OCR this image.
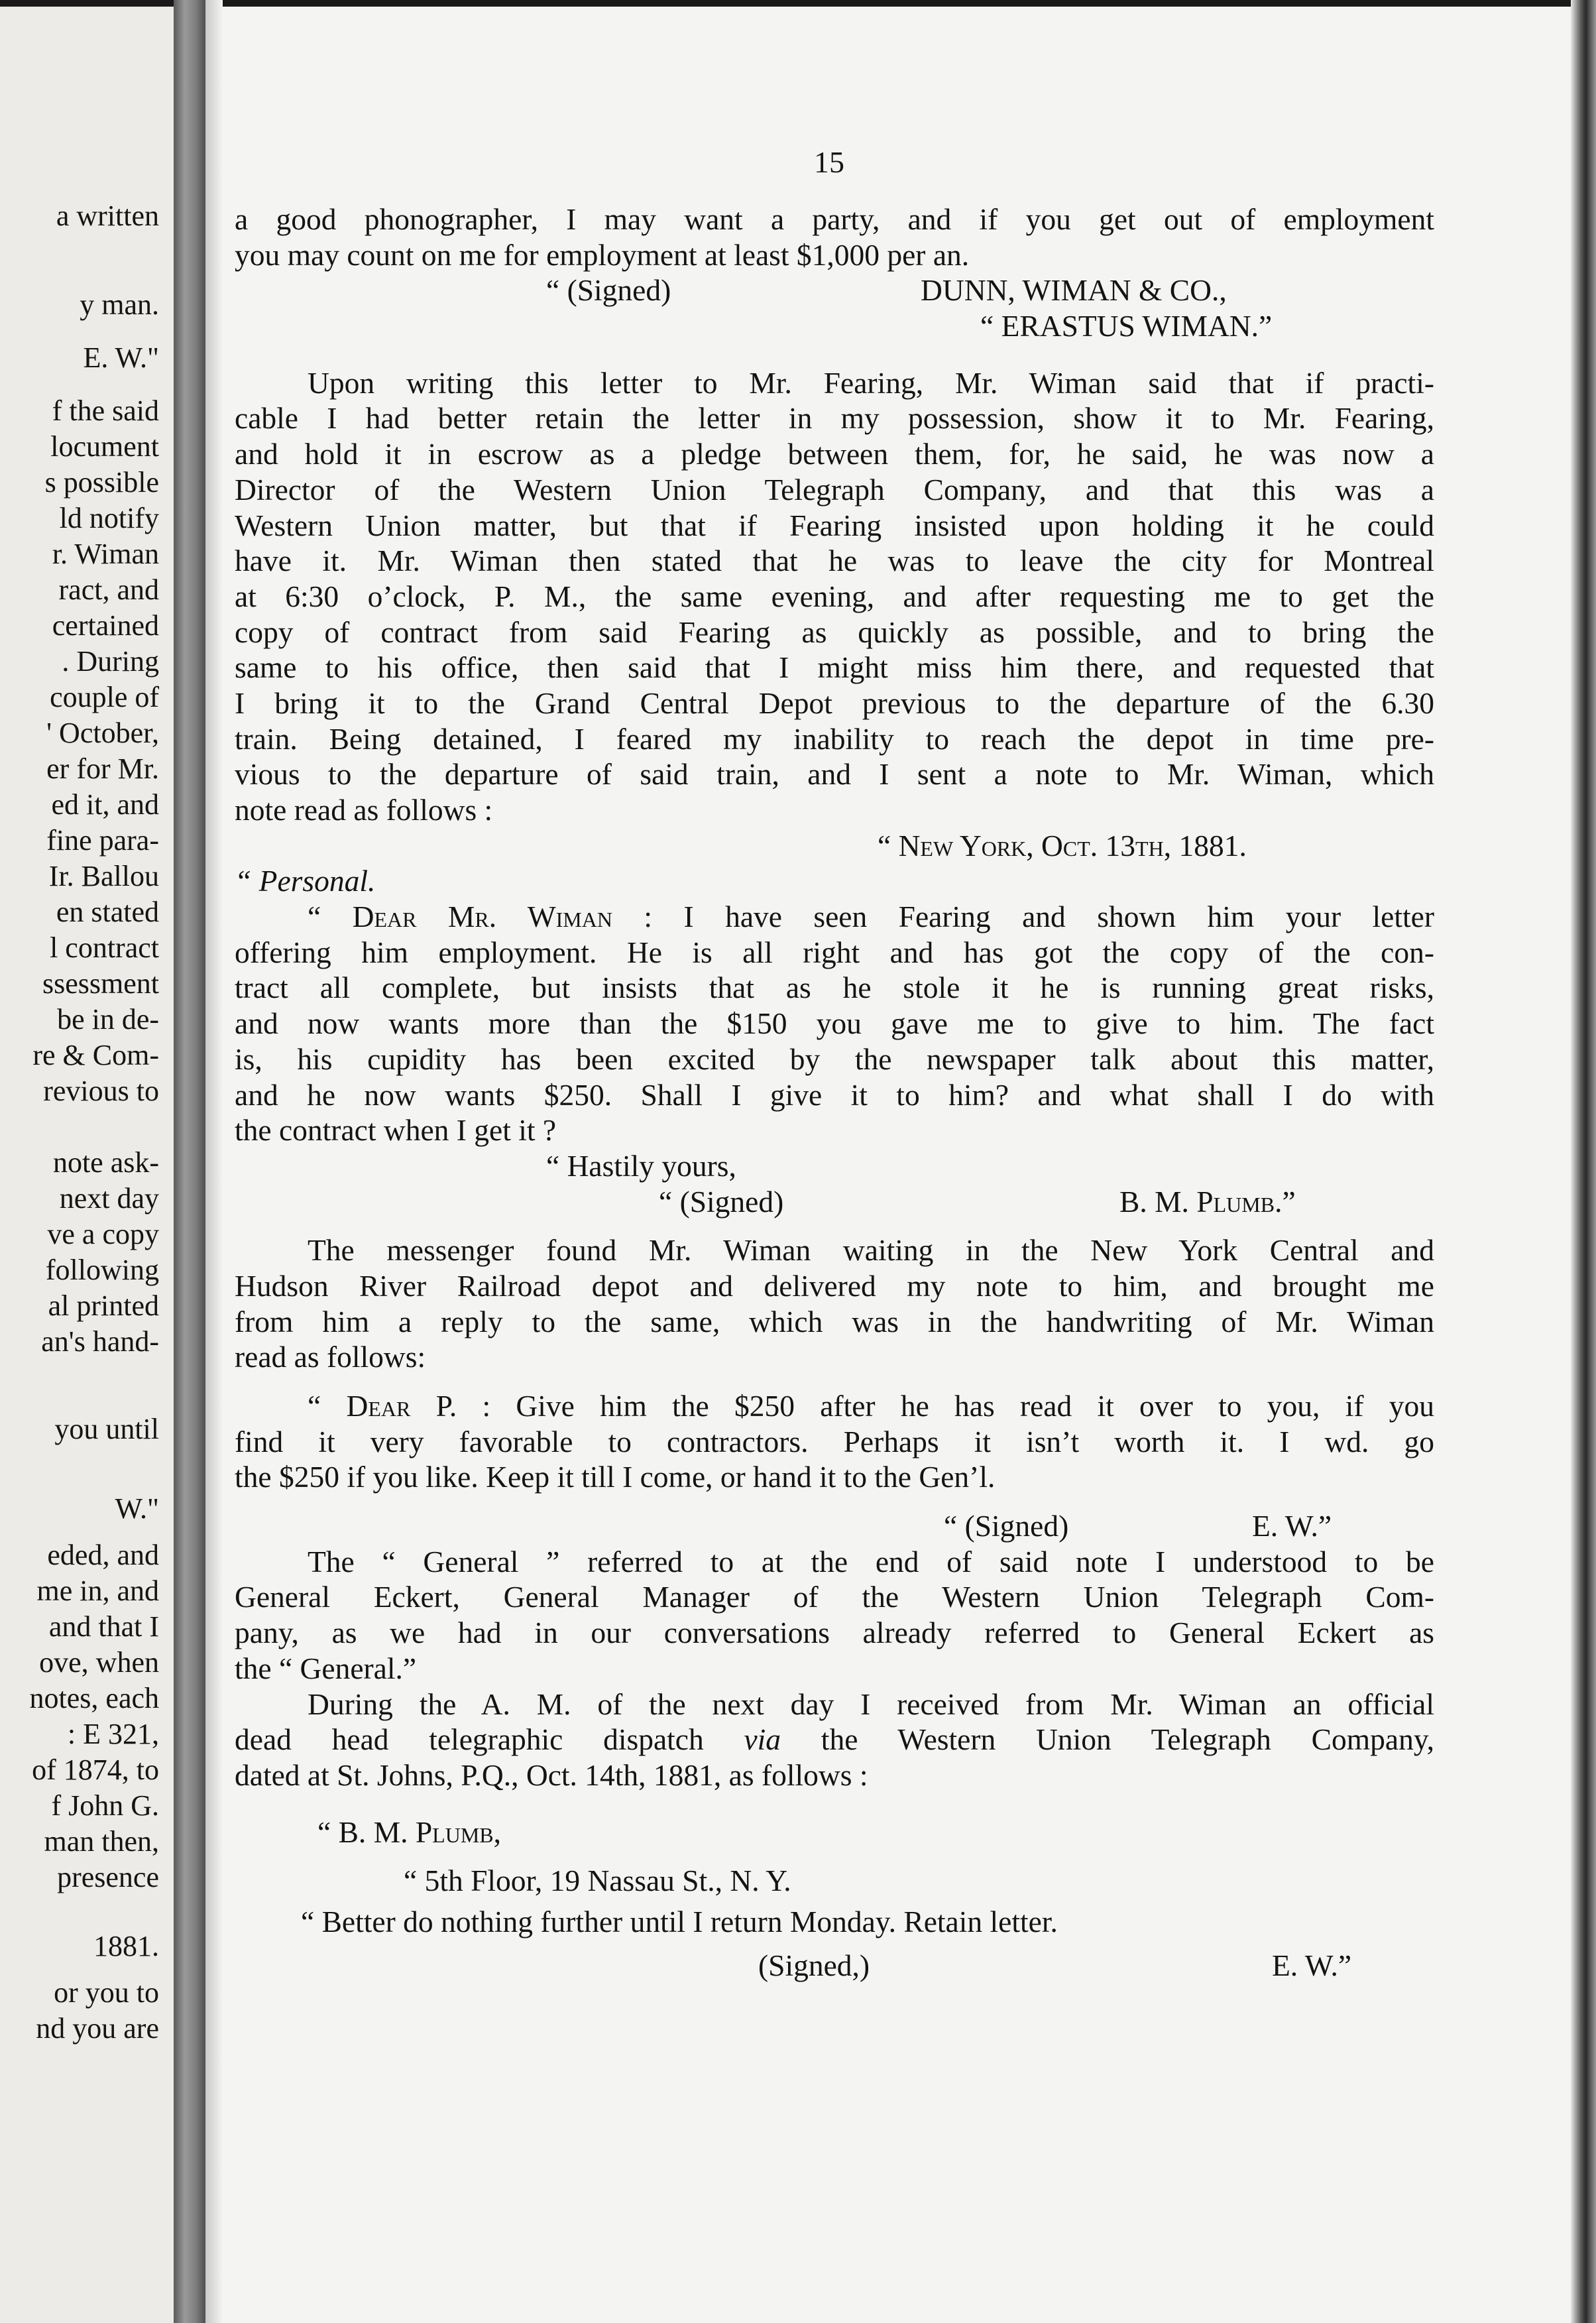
a written
y man.
E. W."
f the said
locument
s possible
ld notify
r. Wiman
ract, and
certained
. During
couple of
' October,
er for Mr.
ed it, and
fine para-
Ir. Ballou
en stated
l contract
ssessment
be in de-
re & Com-
revious to
note ask-
next day
ve a copy
following
al printed
an's hand-
you until
W."
eded, and
me in, and
and that I
ove, when
notes, each
: E 321,
of 1874, to
f John G.
man then,
presence
1881.
or you to
nd you are
15
a good phonographer, I may want a party, and if you get out of employment
you may count on me for employment at least $1,000 per an.
“ (Signed)	DUNN, WIMAN & CO.,
“ ERASTUS WIMAN.”
Upon writing this letter to Mr. Fearing, Mr. Wiman said that if practi-
cable I had better retain the letter in my possession, show it to Mr. Fearing,
and hold it in escrow as a pledge between them, for, he said, he was now a
Director of the Western Union Telegraph Company, and that this was a
Western Union matter, but that if Fearing insisted upon holding it he could
have it. Mr. Wiman then stated that he was to leave the city for Montreal
at 6:30 o’clock, P. M., the same evening, and after requesting me to get the
copy of contract from said Fearing as quickly as possible, and to bring the
same to his office, then said that I might miss him there, and requested that
I bring it to the Grand Central Depot previous to the departure of the 6.30
train. Being detained, I feared my inability to reach the depot in time pre-
vious to the departure of said train, and I sent a note to Mr. Wiman, which
note read as follows :
“ New York, Oct. 13th, 1881.
“ Personal.
“ Dear Mr. Wiman : I have seen Fearing and shown him your letter
offering him employment. He is all right and has got the copy of the con-
tract all complete, but insists that as he stole it he is running great risks,
and now wants more than the $150 you gave me to give to him. The fact
is, his cupidity has been excited by the newspaper talk about this matter,
and he now wants $250. Shall I give it to him? and what shall I do with
the contract when I get it ?
“ Hastily yours,
“ (Signed)	B. M. Plumb.”
The messenger found Mr. Wiman waiting in the New York Central and
Hudson River Railroad depot and delivered my note to him, and brought me
from him a reply to the same, which was in the handwriting of Mr. Wiman
read as follows:
“ Dear P. : Give him the $250 after he has read it over to you, if you
find it very favorable to contractors. Perhaps it isn’t worth it. I wd. go
the $250 if you like. Keep it till I come, or hand it to the Gen’l.
“ (Signed)	E. W.”
The “ General ” referred to at the end of said note I understood to be
General Eckert, General Manager of the Western Union Telegraph Com-
pany, as we had in our conversations already referred to General Eckert as
the “ General.”
During the A. M. of the next day I received from Mr. Wiman an official
dead head telegraphic dispatch via the Western Union Telegraph Company,
dated at St. Johns, P.Q., Oct. 14th, 1881, as follows :
“ B. M. Plumb,
“ 5th Floor, 19 Nassau St., N. Y.
“ Better do nothing further until I return Monday. Retain letter.
(Signed,)	E. W.”
